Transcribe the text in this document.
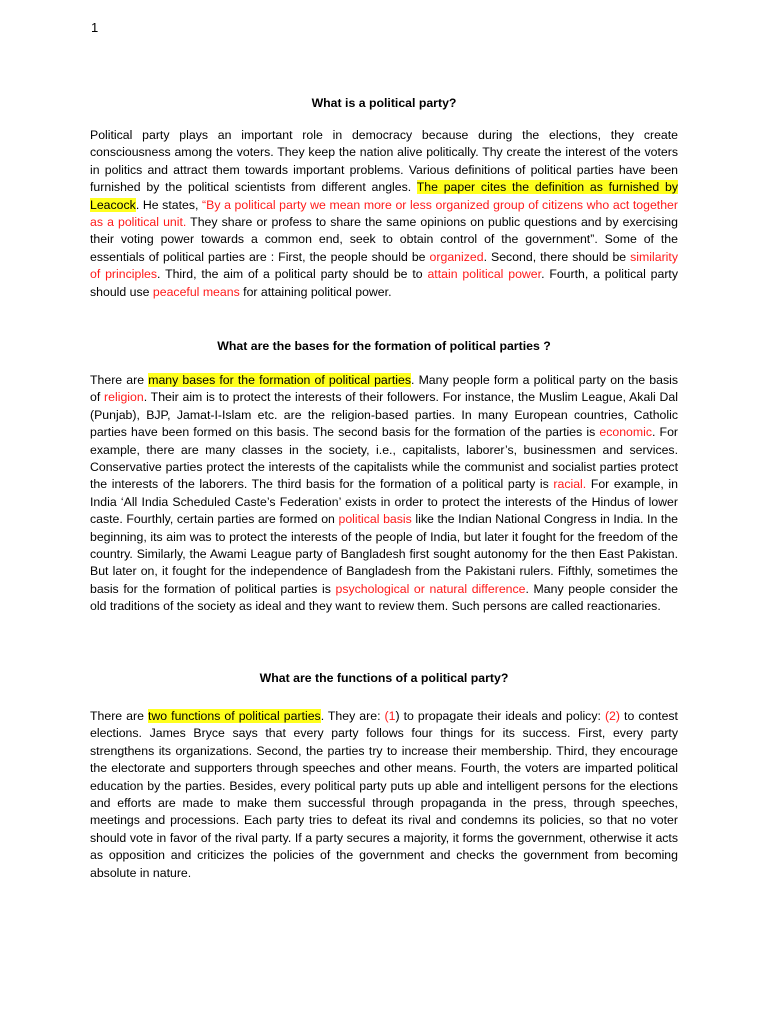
1
What is a political party?

Political party plays an important role in democracy because during the elections, they create consciousness among the voters. They keep the nation alive politically. Thy create the interest of the voters in politics and attract them towards important problems. Various definitions of political parties have been furnished by the political scientists from different angles. The paper cites the definition as furnished by Leacock. He states, “By a political party we mean more or less organized group of citizens who act together as a political unit. They share or profess to share the same opinions on public questions and by exercising their voting power towards a common end, seek to obtain control of the government”. Some of the essentials of political parties are : First, the people should be organized. Second, there should be similarity of principles. Third, the aim of a political party should be to attain political power. Fourth, a political party should use peaceful means for attaining political power.

What are the bases for the formation of political parties ?

There are many bases for the formation of political parties. Many people form a political party on the basis of religion. Their aim is to protect the interests of their followers. For instance, the Muslim League, Akali Dal (Punjab), BJP, Jamat-I-Islam etc. are the religion-based parties. In many European countries, Catholic parties have been formed on this basis. The second basis for the formation of the parties is economic. For example, there are many classes in the society, i.e., capitalists, laborer’s, businessmen and services. Conservative parties protect the interests of the capitalists while the communist and socialist parties protect the interests of the laborers. The third basis for the formation of a political party is racial. For example, in India ‘All India Scheduled Caste’s Federation’ exists in order to protect the interests of the Hindus of lower caste. Fourthly, certain parties are formed on political basis like the Indian National Congress in India. In the beginning, its aim was to protect the interests of the people of India, but later it fought for the freedom of the country. Similarly, the Awami League party of Bangladesh first sought autonomy for the then East Pakistan. But later on, it fought for the independence of Bangladesh from the Pakistani rulers. Fifthly, sometimes the basis for the formation of political parties is psychological or natural difference. Many people consider the old traditions of the society as ideal and they want to review them. Such persons are called reactionaries.

What are the functions of a political party?

There are two functions of political parties. They are: (1) to propagate their ideals and policy: (2) to contest elections. James Bryce says that every party follows four things for its success. First, every party strengthens its organizations. Second, the parties try to increase their membership. Third, they encourage the electorate and supporters through speeches and other means. Fourth, the voters are imparted political education by the parties. Besides, every political party puts up able and intelligent persons for the elections and efforts are made to make them successful through propaganda in the press, through speeches, meetings and processions. Each party tries to defeat its rival and condemns its policies, so that no voter should vote in favor of the rival party. If a party secures a majority, it forms the government, otherwise it acts as opposition and criticizes the policies of the government and checks the government from becoming absolute in nature.
